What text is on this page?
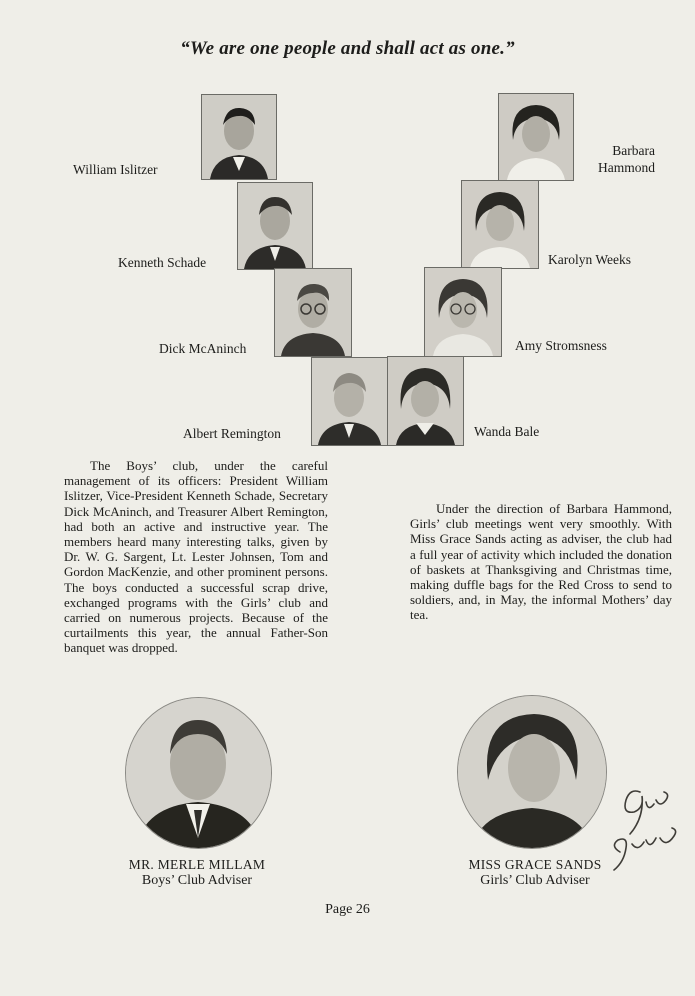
“We are one people and shall act as one.”
William Islitzer
Kenneth Schade
Dick McAninch
Albert Remington
Barbara
Hammond
Karolyn Weeks
Amy Stromsness
Wanda Bale

The Boys’ club, under the careful management of its officers: President William Islitzer, Vice-President Kenneth Schade, Secretary Dick McAninch, and Treasurer Albert Remington, had both an active and instructive year. The members heard many interesting talks, given by Dr. W. G. Sargent, Lt. Lester Johnsen, Tom and Gordon MacKenzie, and other prominent persons. The boys conducted a successful scrap drive, exchanged programs with the Girls’ club and carried on numerous projects. Because of the curtailments this year, the annual Father-Son banquet was dropped.

Under the direction of Barbara Hammond, Girls’ club meetings went very smoothly. With Miss Grace Sands acting as adviser, the club had a full year of activity which included the donation of baskets at Thanksgiving and Christmas time, making duffle bags for the Red Cross to send to soldiers, and, in May, the informal Mothers’ day tea.

MR. MERLE MILLAM
Boys’ Club Adviser
MISS GRACE SANDS
Girls’ Club Adviser
Page 26
